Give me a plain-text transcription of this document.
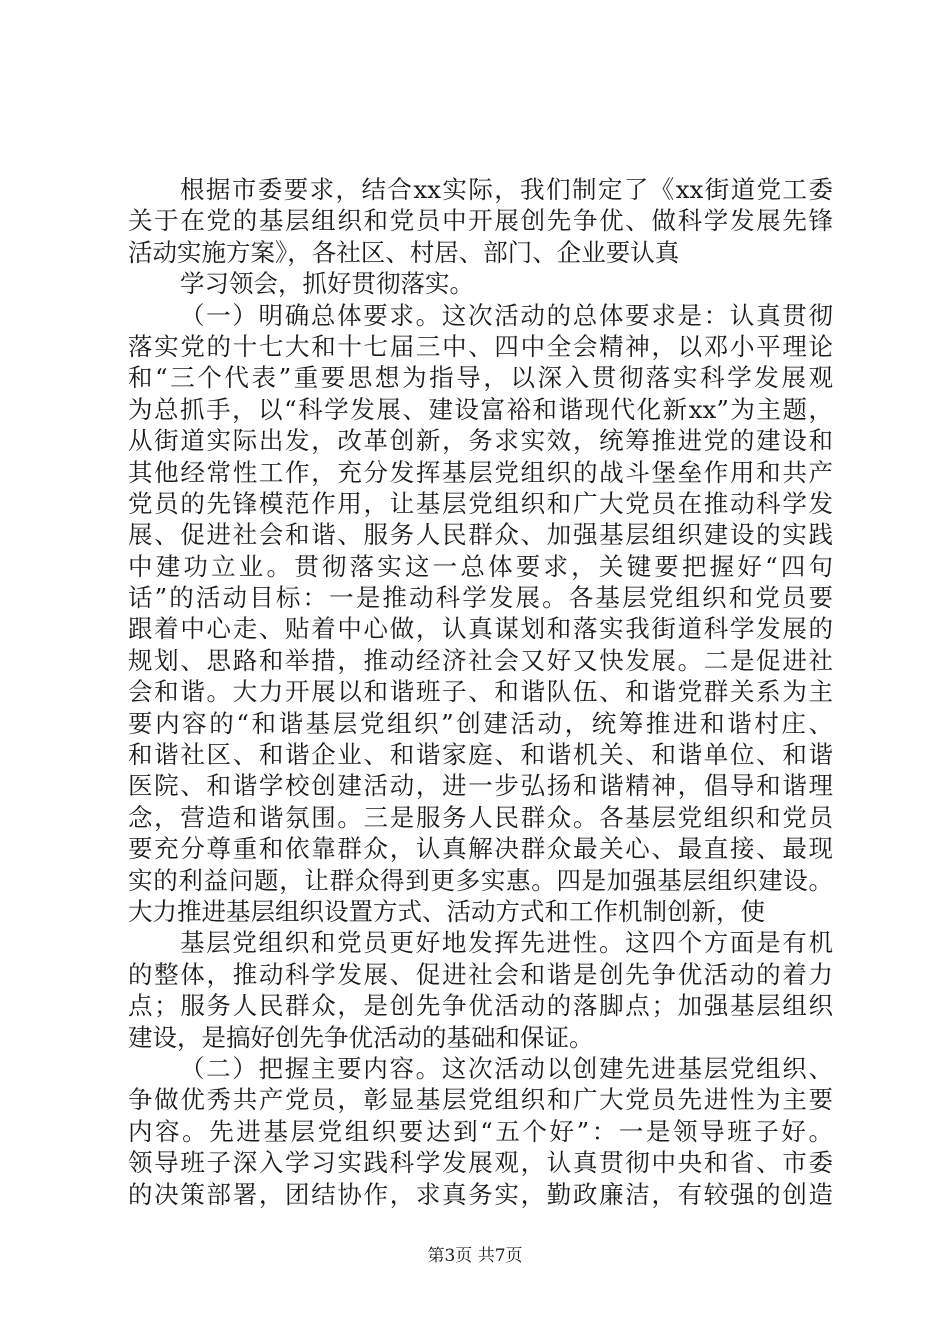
根据市委要求，结合xx实际，我们制定了《xx街道党工委
关于在党的基层组织和党员中开展创先争优、做科学发展先锋
活动实施方案》，各社区、村居、部门、企业要认真
学习领会，抓好贯彻落实。
（一）明确总体要求。这次活动的总体要求是：认真贯彻
落实党的十七大和十七届三中、四中全会精神，以邓小平理论
和“三个代表”重要思想为指导，以深入贯彻落实科学发展观
为总抓手，以“科学发展、建设富裕和谐现代化新xx”为主题，
从街道实际出发，改革创新，务求实效，统筹推进党的建设和
其他经常性工作，充分发挥基层党组织的战斗堡垒作用和共产
党员的先锋模范作用，让基层党组织和广大党员在推动科学发
展、促进社会和谐、服务人民群众、加强基层组织建设的实践
中建功立业。贯彻落实这一总体要求，关键要把握好“四句
话”的活动目标：一是推动科学发展。各基层党组织和党员要
跟着中心走、贴着中心做，认真谋划和落实我街道科学发展的
规划、思路和举措，推动经济社会又好又快发展。二是促进社
会和谐。大力开展以和谐班子、和谐队伍、和谐党群关系为主
要内容的“和谐基层党组织”创建活动，统筹推进和谐村庄、
和谐社区、和谐企业、和谐家庭、和谐机关、和谐单位、和谐
医院、和谐学校创建活动，进一步弘扬和谐精神，倡导和谐理
念，营造和谐氛围。三是服务人民群众。各基层党组织和党员
要充分尊重和依靠群众，认真解决群众最关心、最直接、最现
实的利益问题，让群众得到更多实惠。四是加强基层组织建设。
大力推进基层组织设置方式、活动方式和工作机制创新，使
基层党组织和党员更好地发挥先进性。这四个方面是有机
的整体，推动科学发展、促进社会和谐是创先争优活动的着力
点；服务人民群众，是创先争优活动的落脚点；加强基层组织
建设，是搞好创先争优活动的基础和保证。
（二）把握主要内容。这次活动以创建先进基层党组织、
争做优秀共产党员，彰显基层党组织和广大党员先进性为主要
内容。先进基层党组织要达到“五个好”：一是领导班子好。
领导班子深入学习实践科学发展观，认真贯彻中央和省、市委
的决策部署，团结协作，求真务实，勤政廉洁，有较强的创造
第3页 共7页
